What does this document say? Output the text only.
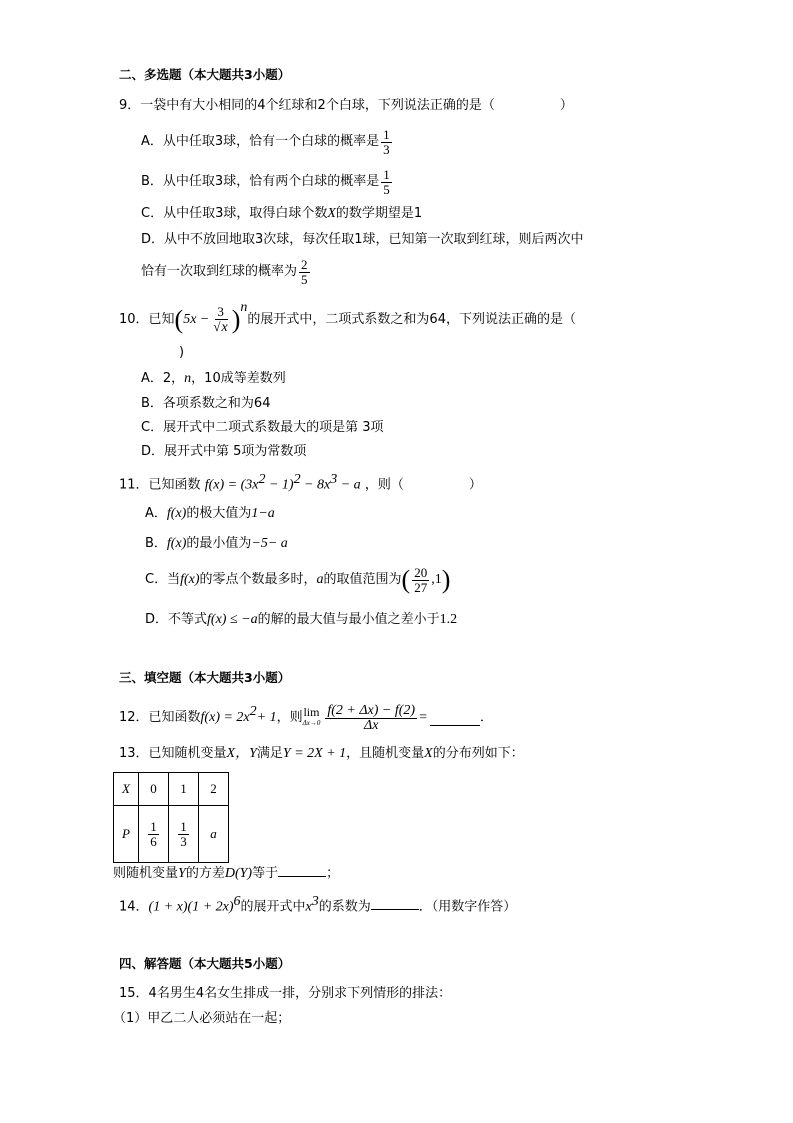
二、多选题（本大题共3小题）
9．一袋中有大小相同的4个红球和2个白球，下列说法正确的是（　　　　　）
A．从中任取3球，恰有一个白球的概率是 $\frac{1}{3}$
B．从中任取3球，恰有两个白球的概率是 $\frac{1}{5}$
C．从中任取3球，取得白球个数X的数学期望是1
D．从中不放回地取3次球，每次任取1球，已知第一次取到红球，则后两次中
恰有一次取到红球的概率为 $\frac{2}{5}$
10．已知 ( $5x - \frac{3}{√x} )^n$
的展开式中，二项式系数之和为64，下列说法正确的是（
)
A．2，n，10成等差数列
B．各项系数之和为64
C．展开式中二项式系数最大的项是第 3项
D．展开式中第 5项为常数项
11．已知函数 $f(x) = (3x^2 - 1)^2 - 8x^3 - a$ ，则（　　　　　）
A．f(x)的极大值为1−a
B．f(x)的最小值为−5− a
C．当 f(x) 的零点个数最多时， a 的取值范围为 ( $\frac{20}{27} ,1$ )
D．不等式f(x) ≤ −a的解的最大值与最小值之差小于1.2
三、填空题（本大题共3小题）
12．已知函数 $f(x) = 2x^2 + 1$ ，则 lim
$\Delta x\to 0 \frac{f(2 + \Delta x) - f(2)}{\Delta x}$ =	．
13．已知随机变量X，Y满足Y = 2X + 1，且随机变量X的分布列如下：
X	0	1	2
P	$\frac{1}{6}$	$\frac{1}{3}$	a
则随机变量Y的方差D(Y)等于	；
14．$(1 + x)(1 + 2x)^6$的展开式中$x^3$的系数为	．（用数字作答）
四、解答题（本大题共5小题）
15．4名男生4名女生排成一排，分别求下列情形的排法：
（1）甲乙二人必须站在一起；
